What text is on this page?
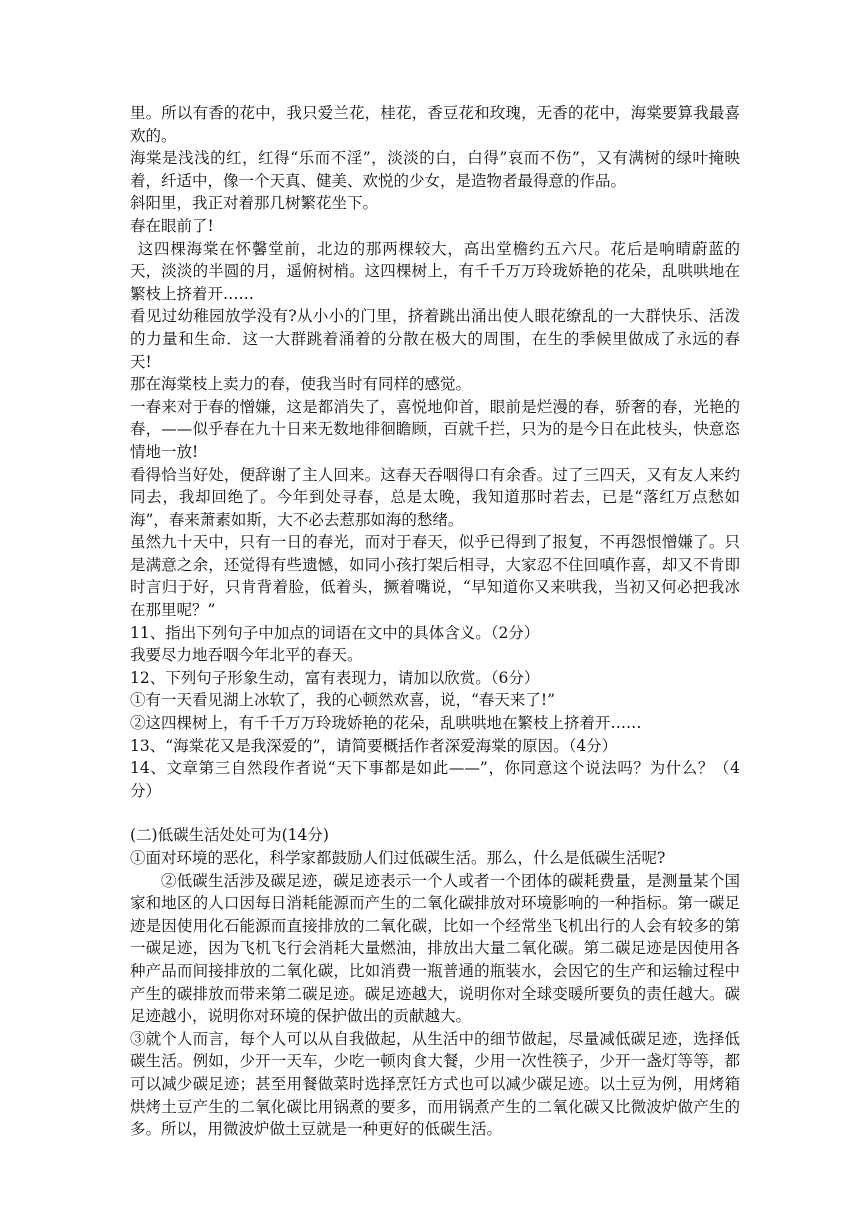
里。所以有香的花中，我只爱兰花，桂花，香豆花和玫瑰，无香的花中，海棠要算我最喜欢的。

海棠是浅浅的红，红得“乐而不淫”，淡淡的白，白得”哀而不伤”，又有满树的绿叶掩映着，纤适中，像一个天真、健美、欢悦的少女，是造物者最得意的作品。

斜阳里，我正对着那几树繁花坐下。

春在眼前了!

这四棵海棠在怀馨堂前，北边的那两棵较大，高出堂檐约五六尺。花后是响晴蔚蓝的天，淡淡的半圆的月，遥俯树梢。这四棵树上，有千千万万玲珑娇艳的花朵，乱哄哄地在繁枝上挤着开……

看见过幼稚园放学没有?从小小的门里，挤着跳出涌出使人眼花缭乱的一大群快乐、活泼的力量和生命．这一大群跳着涌着的分散在极大的周围，在生的季候里做成了永远的春天!

那在海棠枝上卖力的春，使我当时有同样的感觉。

一春来对于春的憎嫌，这是都消失了，喜悦地仰首，眼前是烂漫的春，骄奢的春，光艳的春，——似乎春在九十日来无数地徘徊瞻顾，百就千拦，只为的是今日在此枝头，快意恣情地一放!

看得恰当好处，便辞谢了主人回来。这春天吞咽得口有余香。过了三四天，又有友人来约同去，我却回绝了。今年到处寻春，总是太晚，我知道那时若去，已是“落红万点愁如海”，春来萧素如斯，大不必去惹那如海的愁绪。

虽然九十天中，只有一日的春光，而对于春天，似乎已得到了报复，不再怨恨憎嫌了。只是满意之余，还觉得有些遗憾，如同小孩打架后相寻，大家忍不住回嗔作喜，却又不肯即时言归于好，只肯背着脸，低着头，撅着嘴说，“早知道你又来哄我，当初又何必把我冰在那里呢？”

11、指出下列句子中加点的词语在文中的具体含义。（2分）

我要尽力地吞咽今年北平的春天。

12、下列句子形象生动，富有表现力，请加以欣赏。（6分）

①有一天看见湖上冰软了，我的心顿然欢喜，说，“春天来了!”

②这四棵树上，有千千万万玲珑娇艳的花朵，乱哄哄地在繁枝上挤着开……

13、“海棠花又是我深爱的”，请简要概括作者深爱海棠的原因。（4分）

14、文章第三自然段作者说“天下事都是如此——”，你同意这个说法吗？为什么？（4分）

(二)低碳生活处处可为(14分)

①面对环境的恶化，科学家都鼓励人们过低碳生活。那么，什么是低碳生活呢?

②低碳生活涉及碳足迹，碳足迹表示一个人或者一个团体的碳耗费量，是测量某个国家和地区的人口因每日消耗能源而产生的二氧化碳排放对环境影响的一种指标。第一碳足迹是因使用化石能源而直接排放的二氧化碳，比如一个经常坐飞机出行的人会有较多的第一碳足迹，因为飞机飞行会消耗大量燃油，排放出大量二氧化碳。第二碳足迹是因使用各种产品而间接排放的二氧化碳，比如消费一瓶普通的瓶装水，会因它的生产和运输过程中产生的碳排放而带来第二碳足迹。碳足迹越大，说明你对全球变暖所要负的责任越大。碳足迹越小，说明你对环境的保护做出的贡献越大。

③就个人而言，每个人可以从自我做起，从生活中的细节做起，尽量减低碳足迹，选择低碳生活。例如，少开一天车，少吃一顿肉食大餐，少用一次性筷子，少开一盏灯等等，都可以减少碳足迹；甚至用餐做菜时选择烹饪方式也可以减少碳足迹。以土豆为例，用烤箱烘烤土豆产生的二氧化碳比用锅煮的要多，而用锅煮产生的二氧化碳又比微波炉做产生的多。所以，用微波炉做土豆就是一种更好的低碳生活。
